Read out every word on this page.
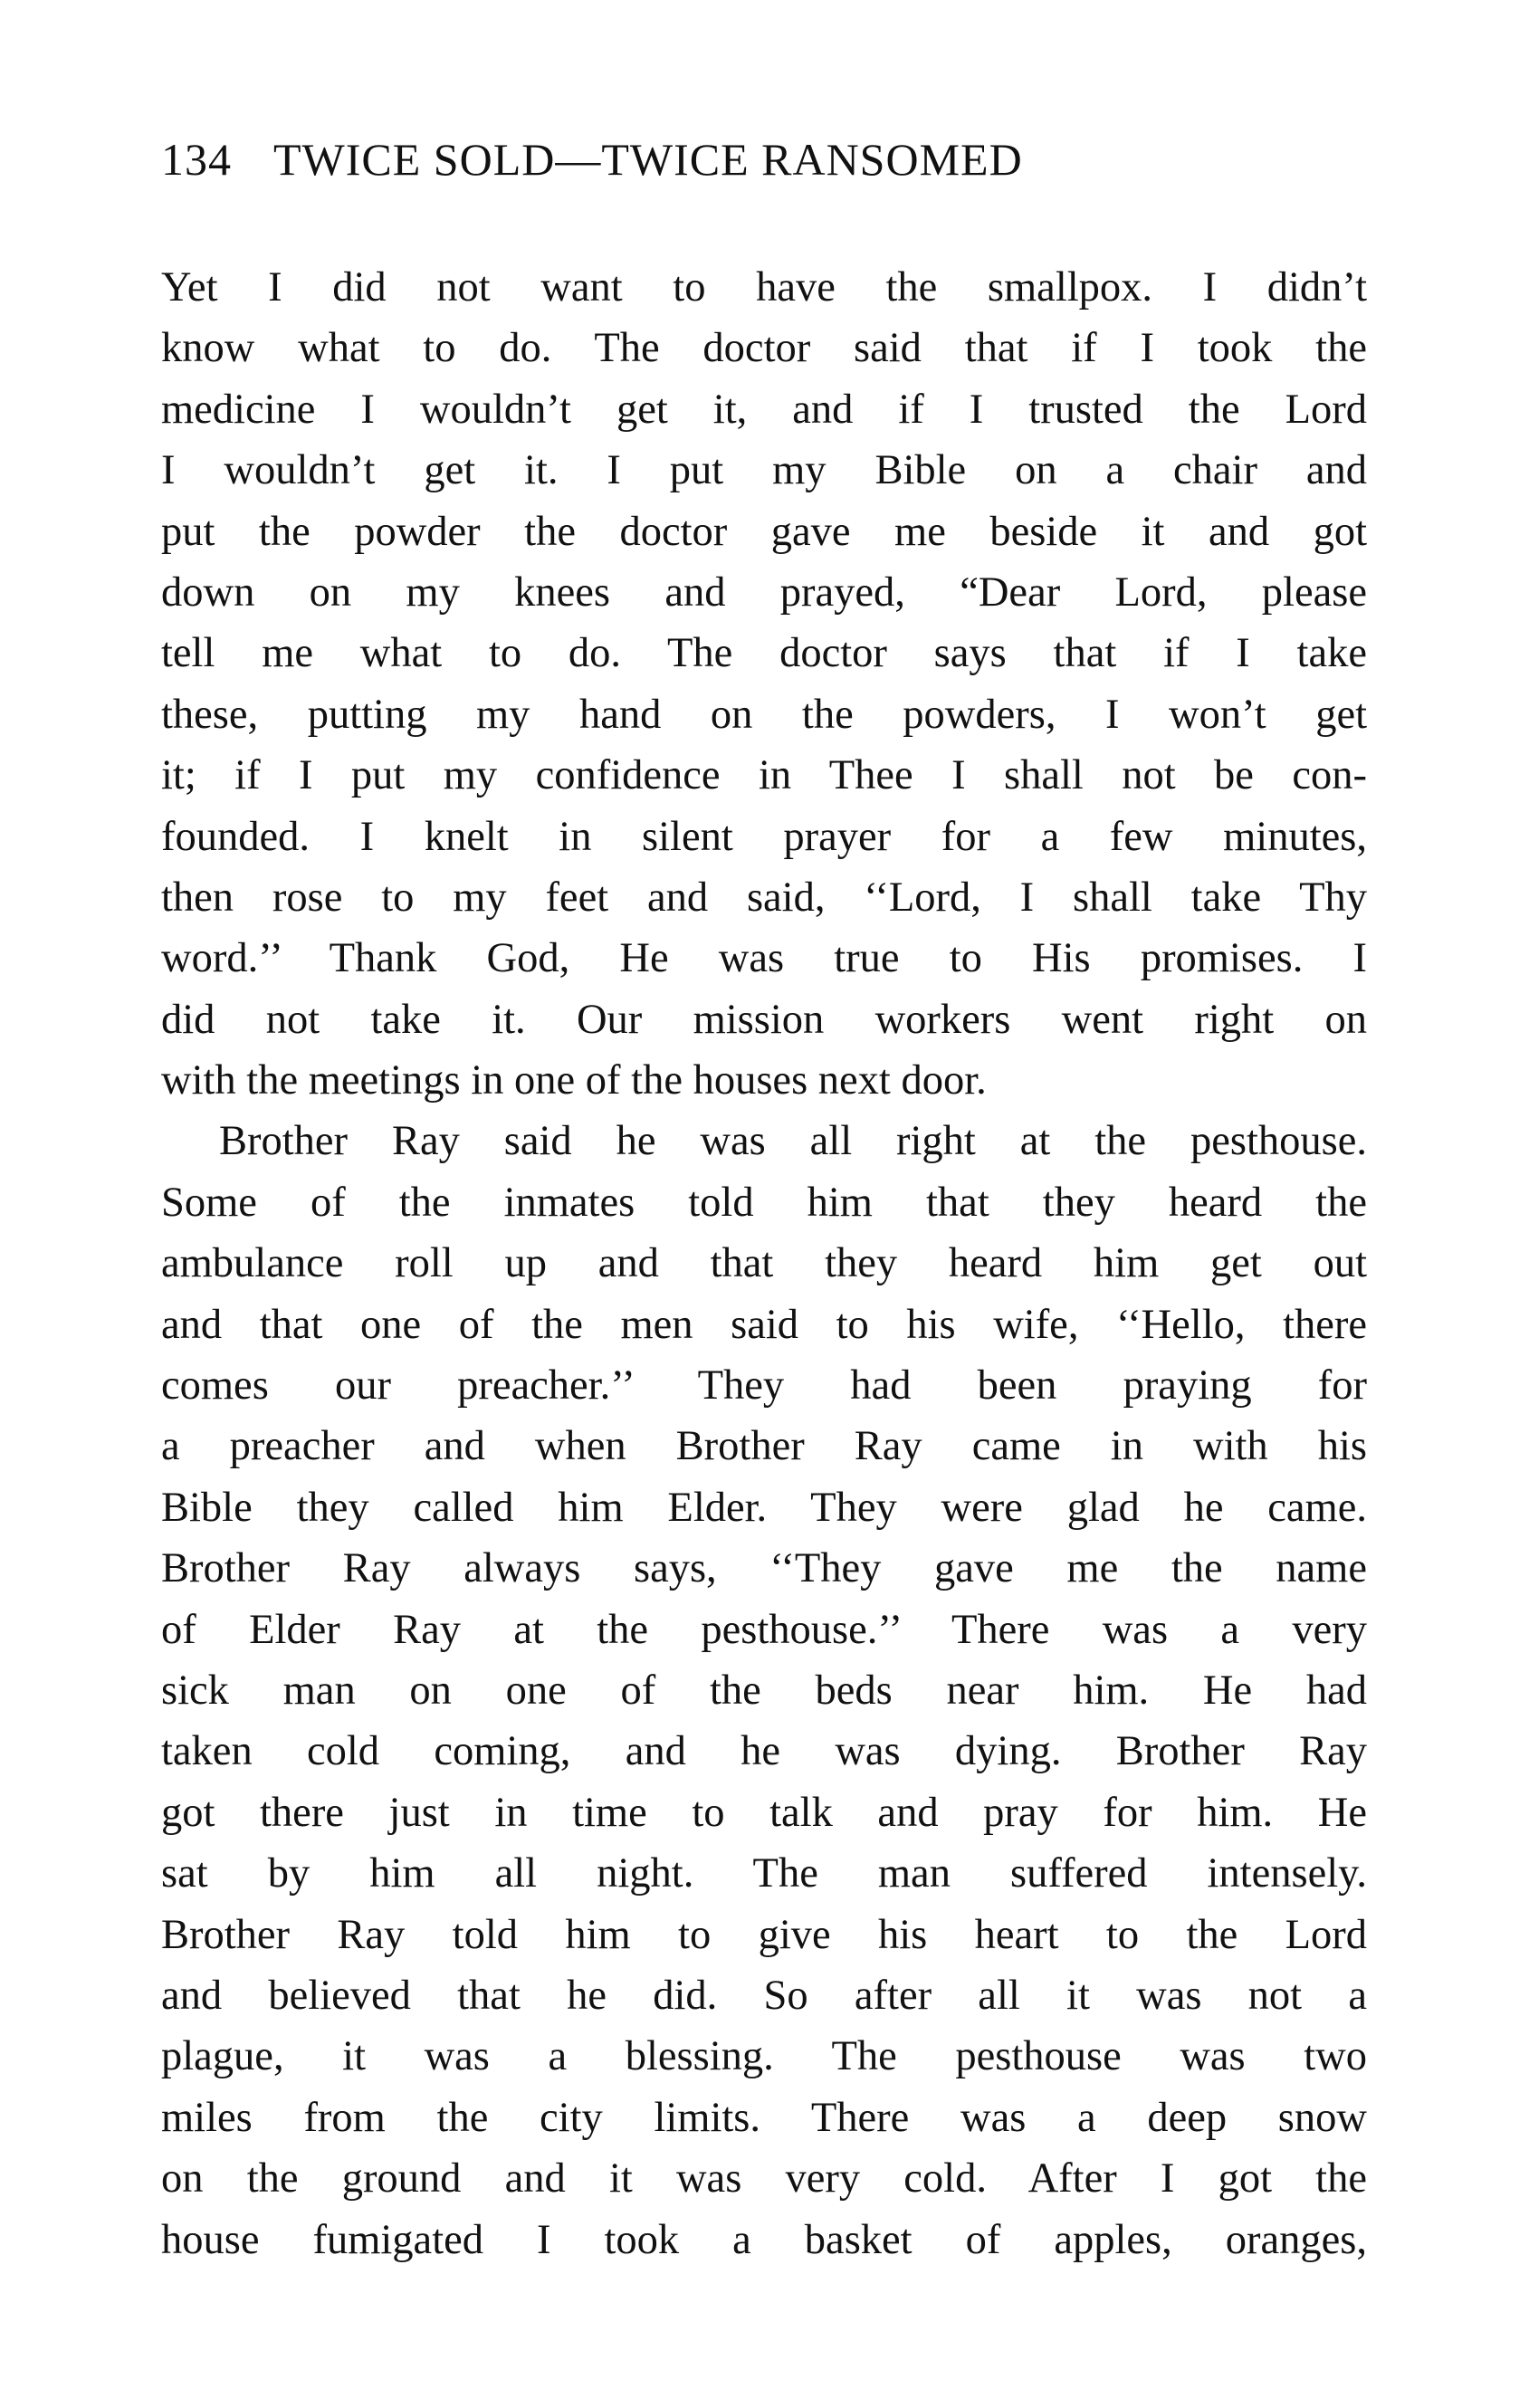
134 TWICE SOLD—TWICE RANSOMED
Yet I did not want to have the smallpox. I didn’t
know what to do. The doctor said that if I took the
medicine I wouldn’t get it, and if I trusted the Lord
I wouldn’t get it. I put my Bible on a chair and
put the powder the doctor gave me beside it and got
down on my knees and prayed, “Dear Lord, please
tell me what to do. The doctor says that if I take
these, putting my hand on the powders, I won’t get
it; if I put my confidence in Thee I shall not be con-
founded. I knelt in silent prayer for a few minutes,
then rose to my feet and said, ‘‘Lord, I shall take Thy
word.’’ Thank God, He was true to His promises. I
did not take it. Our mission workers went right on
with the meetings in one of the houses next door.
Brother Ray said he was all right at the pesthouse.
Some of the inmates told him that they heard the
ambulance roll up and that they heard him get out
and that one of the men said to his wife, ‘‘Hello, there
comes our preacher.’’ They had been praying for
a preacher and when Brother Ray came in with his
Bible they called him Elder. They were glad he came.
Brother Ray always says, ‘‘They gave me the name
of Elder Ray at the pesthouse.’’ There was a very
sick man on one of the beds near him. He had
taken cold coming, and he was dying. Brother Ray
got there just in time to talk and pray for him. He
sat by him all night. The man suffered intensely.
Brother Ray told him to give his heart to the Lord
and believed that he did. So after all it was not a
plague, it was a blessing. The pesthouse was two
miles from the city limits. There was a deep snow
on the ground and it was very cold. After I got the
house fumigated I took a basket of apples, oranges,
